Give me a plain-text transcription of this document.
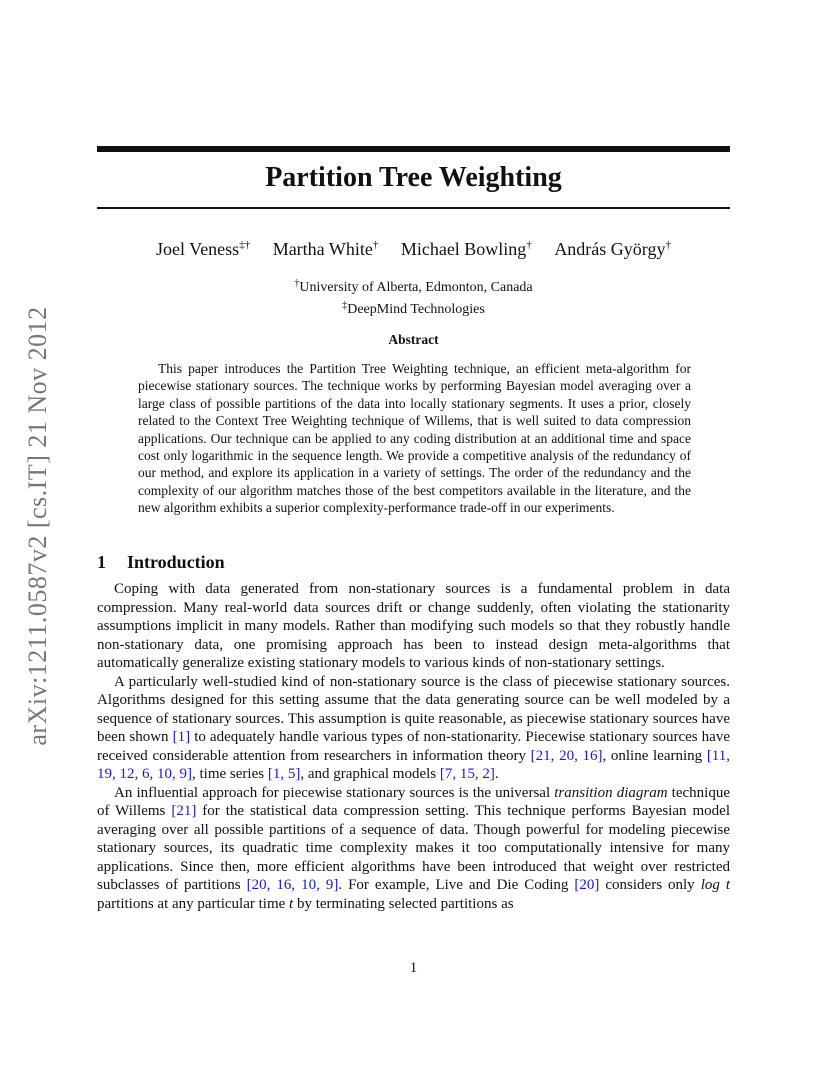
arXiv:1211.0587v2 [cs.IT] 21 Nov 2012
Partition Tree Weighting
Joel Veness‡† Martha White† Michael Bowling† András György†
†University of Alberta, Edmonton, Canada
‡DeepMind Technologies
Abstract
This paper introduces the Partition Tree Weighting technique, an efficient meta-algorithm for piecewise stationary sources. The technique works by performing Bayesian model averaging over a large class of possible partitions of the data into locally stationary segments. It uses a prior, closely related to the Context Tree Weighting technique of Willems, that is well suited to data compression applications. Our technique can be applied to any coding distribution at an additional time and space cost only logarithmic in the sequence length. We provide a competitive analysis of the redundancy of our method, and explore its application in a variety of settings. The order of the redundancy and the complexity of our algorithm matches those of the best competitors available in the literature, and the new algorithm exhibits a superior complexity-performance trade-off in our experiments.
1 Introduction

Coping with data generated from non-stationary sources is a fundamental problem in data compression. Many real-world data sources drift or change suddenly, often violating the stationarity assumptions implicit in many models. Rather than modifying such models so that they robustly handle non-stationary data, one promising approach has been to instead design meta-algorithms that automatically generalize existing stationary models to various kinds of non-stationary settings.

A particularly well-studied kind of non-stationary source is the class of piecewise stationary sources. Algorithms designed for this setting assume that the data generating source can be well modeled by a sequence of stationary sources. This assumption is quite reasonable, as piecewise stationary sources have been shown [1] to adequately handle various types of non-stationarity. Piecewise stationary sources have received considerable attention from researchers in information theory [21, 20, 16], online learning [11, 19, 12, 6, 10, 9], time series [1, 5], and graphical models [7, 15, 2].

An influential approach for piecewise stationary sources is the universal transition diagram technique of Willems [21] for the statistical data compression setting. This technique performs Bayesian model averaging over all possible partitions of a sequence of data. Though powerful for modeling piecewise stationary sources, its quadratic time complexity makes it too computationally intensive for many applications. Since then, more efficient algorithms have been introduced that weight over restricted subclasses of partitions [20, 16, 10, 9]. For example, Live and Die Coding [20] considers only log t partitions at any particular time t by terminating selected partitions as

1
